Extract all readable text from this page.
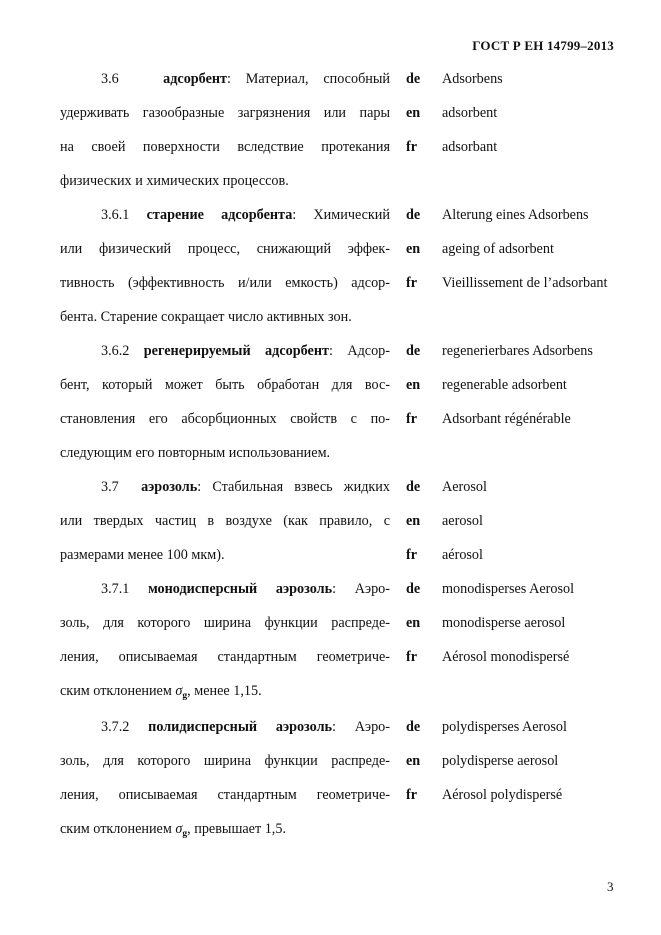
ГОСТ Р ЕН 14799–2013
3.6	адсорбент: Материал, способный
удерживать газообразные загрязнения или пары
на своей поверхности вследствие протекания
физических и химических процессов.
de Adsorbens
en adsorbent
fr adsorbant
3.6.1 старение адсорбента: Химический
или физический процесс, снижающий эффек-
тивность (эффективность и/или емкость) адсор-
бента. Старение сокращает число активных зон.
de Alterung eines Adsorbens
en ageing of adsorbent
fr Vieillissement de l’adsorbant
3.6.2 регенерируемый адсорбент: Адсор-
бент, который может быть обработан для вос-
становления его абсорбционных свойств с по-
следующим его повторным использованием.
de regenerierbares Adsorbens
en regenerable adsorbent
fr Adsorbant régénérable
3.7 аэрозоль: Стабильная взвесь жидких
или твердых частиц в воздухе (как правило, с
размерами менее 100 мкм).
de Aerosol
en aerosol
fr aérosol
3.7.1 монодисперсный аэрозоль: Аэро-
золь, для которого ширина функции распреде-
ления, описываемая стандартным геометриче-
ским отклонением $\sigma_g$, менее 1,15.
de monodisperses Aerosol
en monodisperse aerosol
fr Aérosol monodispersé
3.7.2 полидисперсный аэрозоль: Аэро-
золь, для которого ширина функции распреде-
ления, описываемая стандартным геометриче-
ским отклонением $\sigma_g$, превышает 1,5.
de polydisperses Aerosol
en polydisperse aerosol
fr Aérosol polydispersé
3
